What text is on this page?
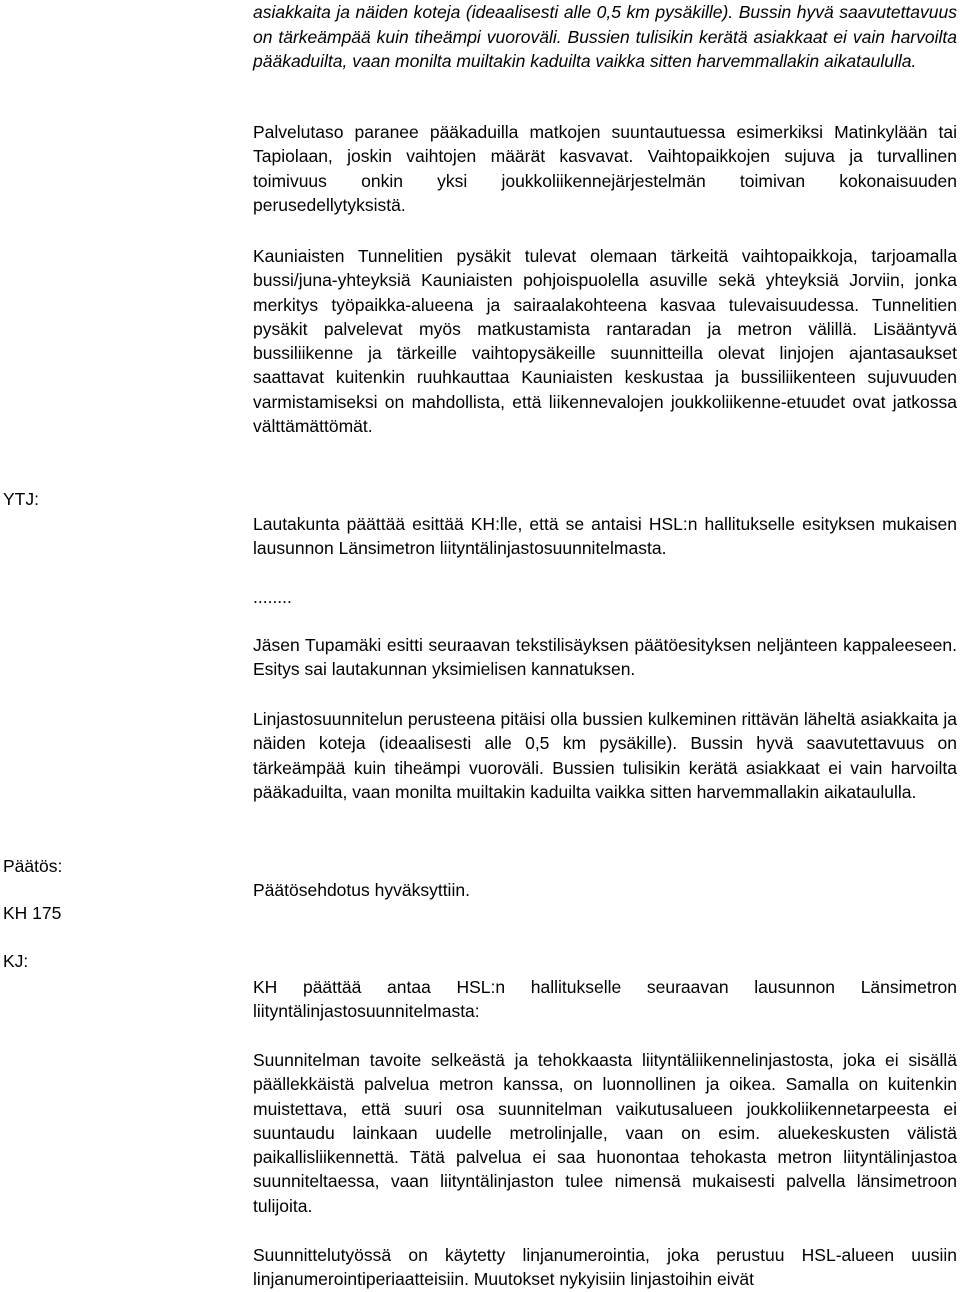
YTJ:

Päätös:

KH 175

KJ:

asiakkaita ja näiden koteja (ideaalisesti alle 0,5 km pysäkille). Bussin hyvä saavutettavuus on tärkeämpää kuin tiheämpi vuoroväli. Bussien tulisikin kerätä asiakkaat ei vain harvoilta pääkaduilta, vaan monilta muiltakin kaduilta vaikka sitten harvemmallakin aikataululla.

Palvelutaso paranee pääkaduilla matkojen suuntautuessa esimerkiksi Matinkylään tai Tapiolaan, joskin vaihtojen määrät kasvavat. Vaihtopaikkojen sujuva ja turvallinen toimivuus onkin yksi joukkoliikennejärjestelmän toimivan kokonaisuuden perusedellytyksistä.

Kauniaisten Tunnelitien pysäkit tulevat olemaan tärkeitä vaihtopaikkoja, tarjoamalla bussi/juna-yhteyksiä Kauniaisten pohjoispuolella asuville sekä yhteyksiä Jorviin, jonka merkitys työpaikka-alueena ja sairaalakohteena kasvaa tulevaisuudessa. Tunnelitien pysäkit palvelevat myös matkustamista rantaradan ja metron välillä. Lisääntyvä bussiliikenne ja tärkeille vaihtopysäkeille suunnitteilla olevat linjojen ajantasaukset saattavat kuitenkin ruuhkauttaa Kauniaisten keskustaa ja bussiliikenteen sujuvuuden varmistamiseksi on mahdollista, että liikennevalojen joukkoliikenne-etuudet ovat jatkossa välttämättömät.

Lautakunta päättää esittää KH:lle, että se antaisi HSL:n hallitukselle esityksen mukaisen lausunnon Länsimetron liityntälinjastosuunnitelmasta.

........

Jäsen Tupamäki esitti seuraavan tekstilisäyksen päätöesityksen neljänteen kappaleeseen. Esitys sai lautakunnan yksimielisen kannatuksen.

Linjastosuunnitelun perusteena pitäisi olla bussien kulkeminen rittävän läheltä asiakkaita ja näiden koteja (ideaalisesti alle 0,5 km pysäkille). Bussin hyvä saavutettavuus on tärkeämpää kuin tiheämpi vuoroväli. Bussien tulisikin kerätä asiakkaat ei vain harvoilta pääkaduilta, vaan monilta muiltakin kaduilta vaikka sitten harvemmallakin aikataululla.

Päätösehdotus hyväksyttiin.

KH päättää antaa HSL:n hallitukselle seuraavan lausunnon Länsimetron liityntälinjastosuunnitelmasta:

Suunnitelman tavoite selkeästä ja tehokkaasta liityntäliikennelinjastosta, joka ei sisällä päällekkäistä palvelua metron kanssa, on luonnollinen ja oikea. Samalla on kuitenkin muistettava, että suuri osa suunnitelman vaikutusalueen joukkoliikennetarpeesta ei suuntaudu lainkaan uudelle metrolinjalle, vaan on esim. aluekeskusten välistä paikallisliikennettä. Tätä palvelua ei saa huonontaa tehokasta metron liityntälinjastoa suunniteltaessa, vaan liityntälinjaston tulee nimensä mukaisesti palvella länsimetroon tulijoita.

Suunnittelutyössä on käytetty linjanumerointia, joka perustuu HSL-alueen uusiin linjanumerointiperiaatteisiin. Muutokset nykyisiin linjastoihin eivät
